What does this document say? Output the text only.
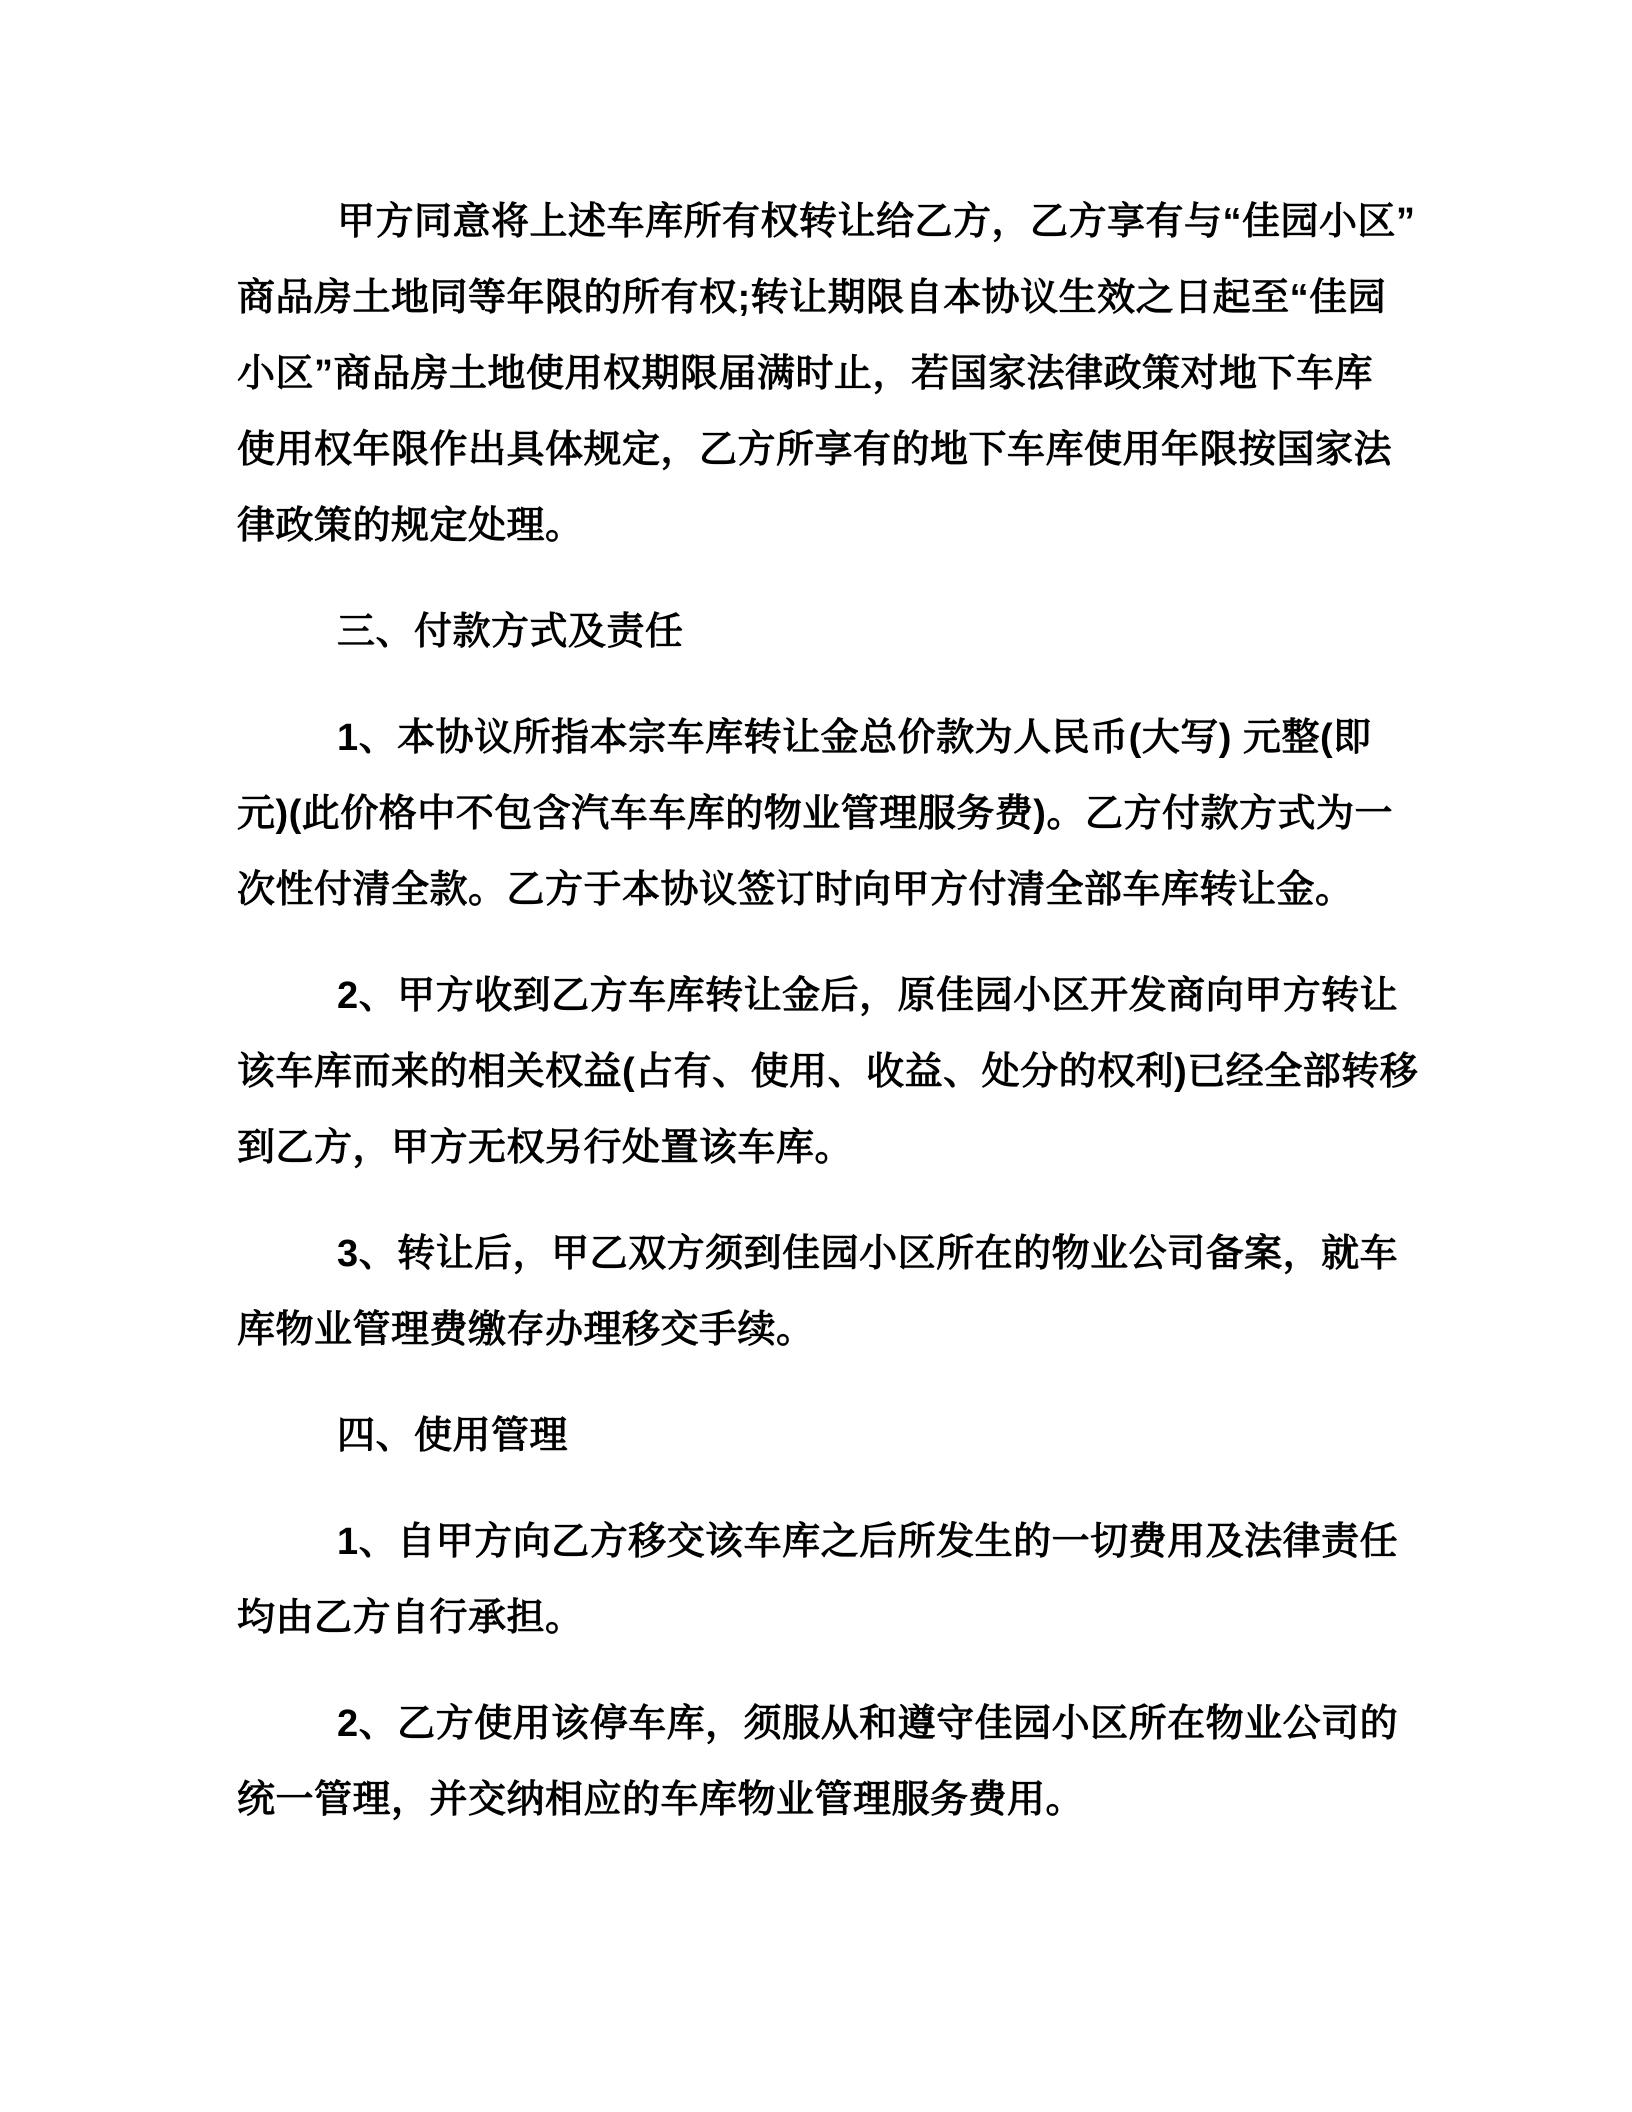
甲方同意将上述车库所有权转让给乙方，乙方享有与“佳园小区”
商品房土地同等年限的所有权;转让期限自本协议生效之日起至“佳园
小区”商品房土地使用权期限届满时止，若国家法律政策对地下车库
使用权年限作出具体规定，乙方所享有的地下车库使用年限按国家法
律政策的规定处理。

三、付款方式及责任

1、本协议所指本宗车库转让金总价款为人民币(大写) 元整(即
元)(此价格中不包含汽车车库的物业管理服务费)。乙方付款方式为一
次性付清全款。乙方于本协议签订时向甲方付清全部车库转让金。

2、甲方收到乙方车库转让金后，原佳园小区开发商向甲方转让
该车库而来的相关权益(占有、使用、收益、处分的权利)已经全部转移
到乙方，甲方无权另行处置该车库。

3、转让后，甲乙双方须到佳园小区所在的物业公司备案，就车
库物业管理费缴存办理移交手续。

四、使用管理

1、自甲方向乙方移交该车库之后所发生的一切费用及法律责任
均由乙方自行承担。

2、乙方使用该停车库，须服从和遵守佳园小区所在物业公司的
统一管理，并交纳相应的车库物业管理服务费用。
